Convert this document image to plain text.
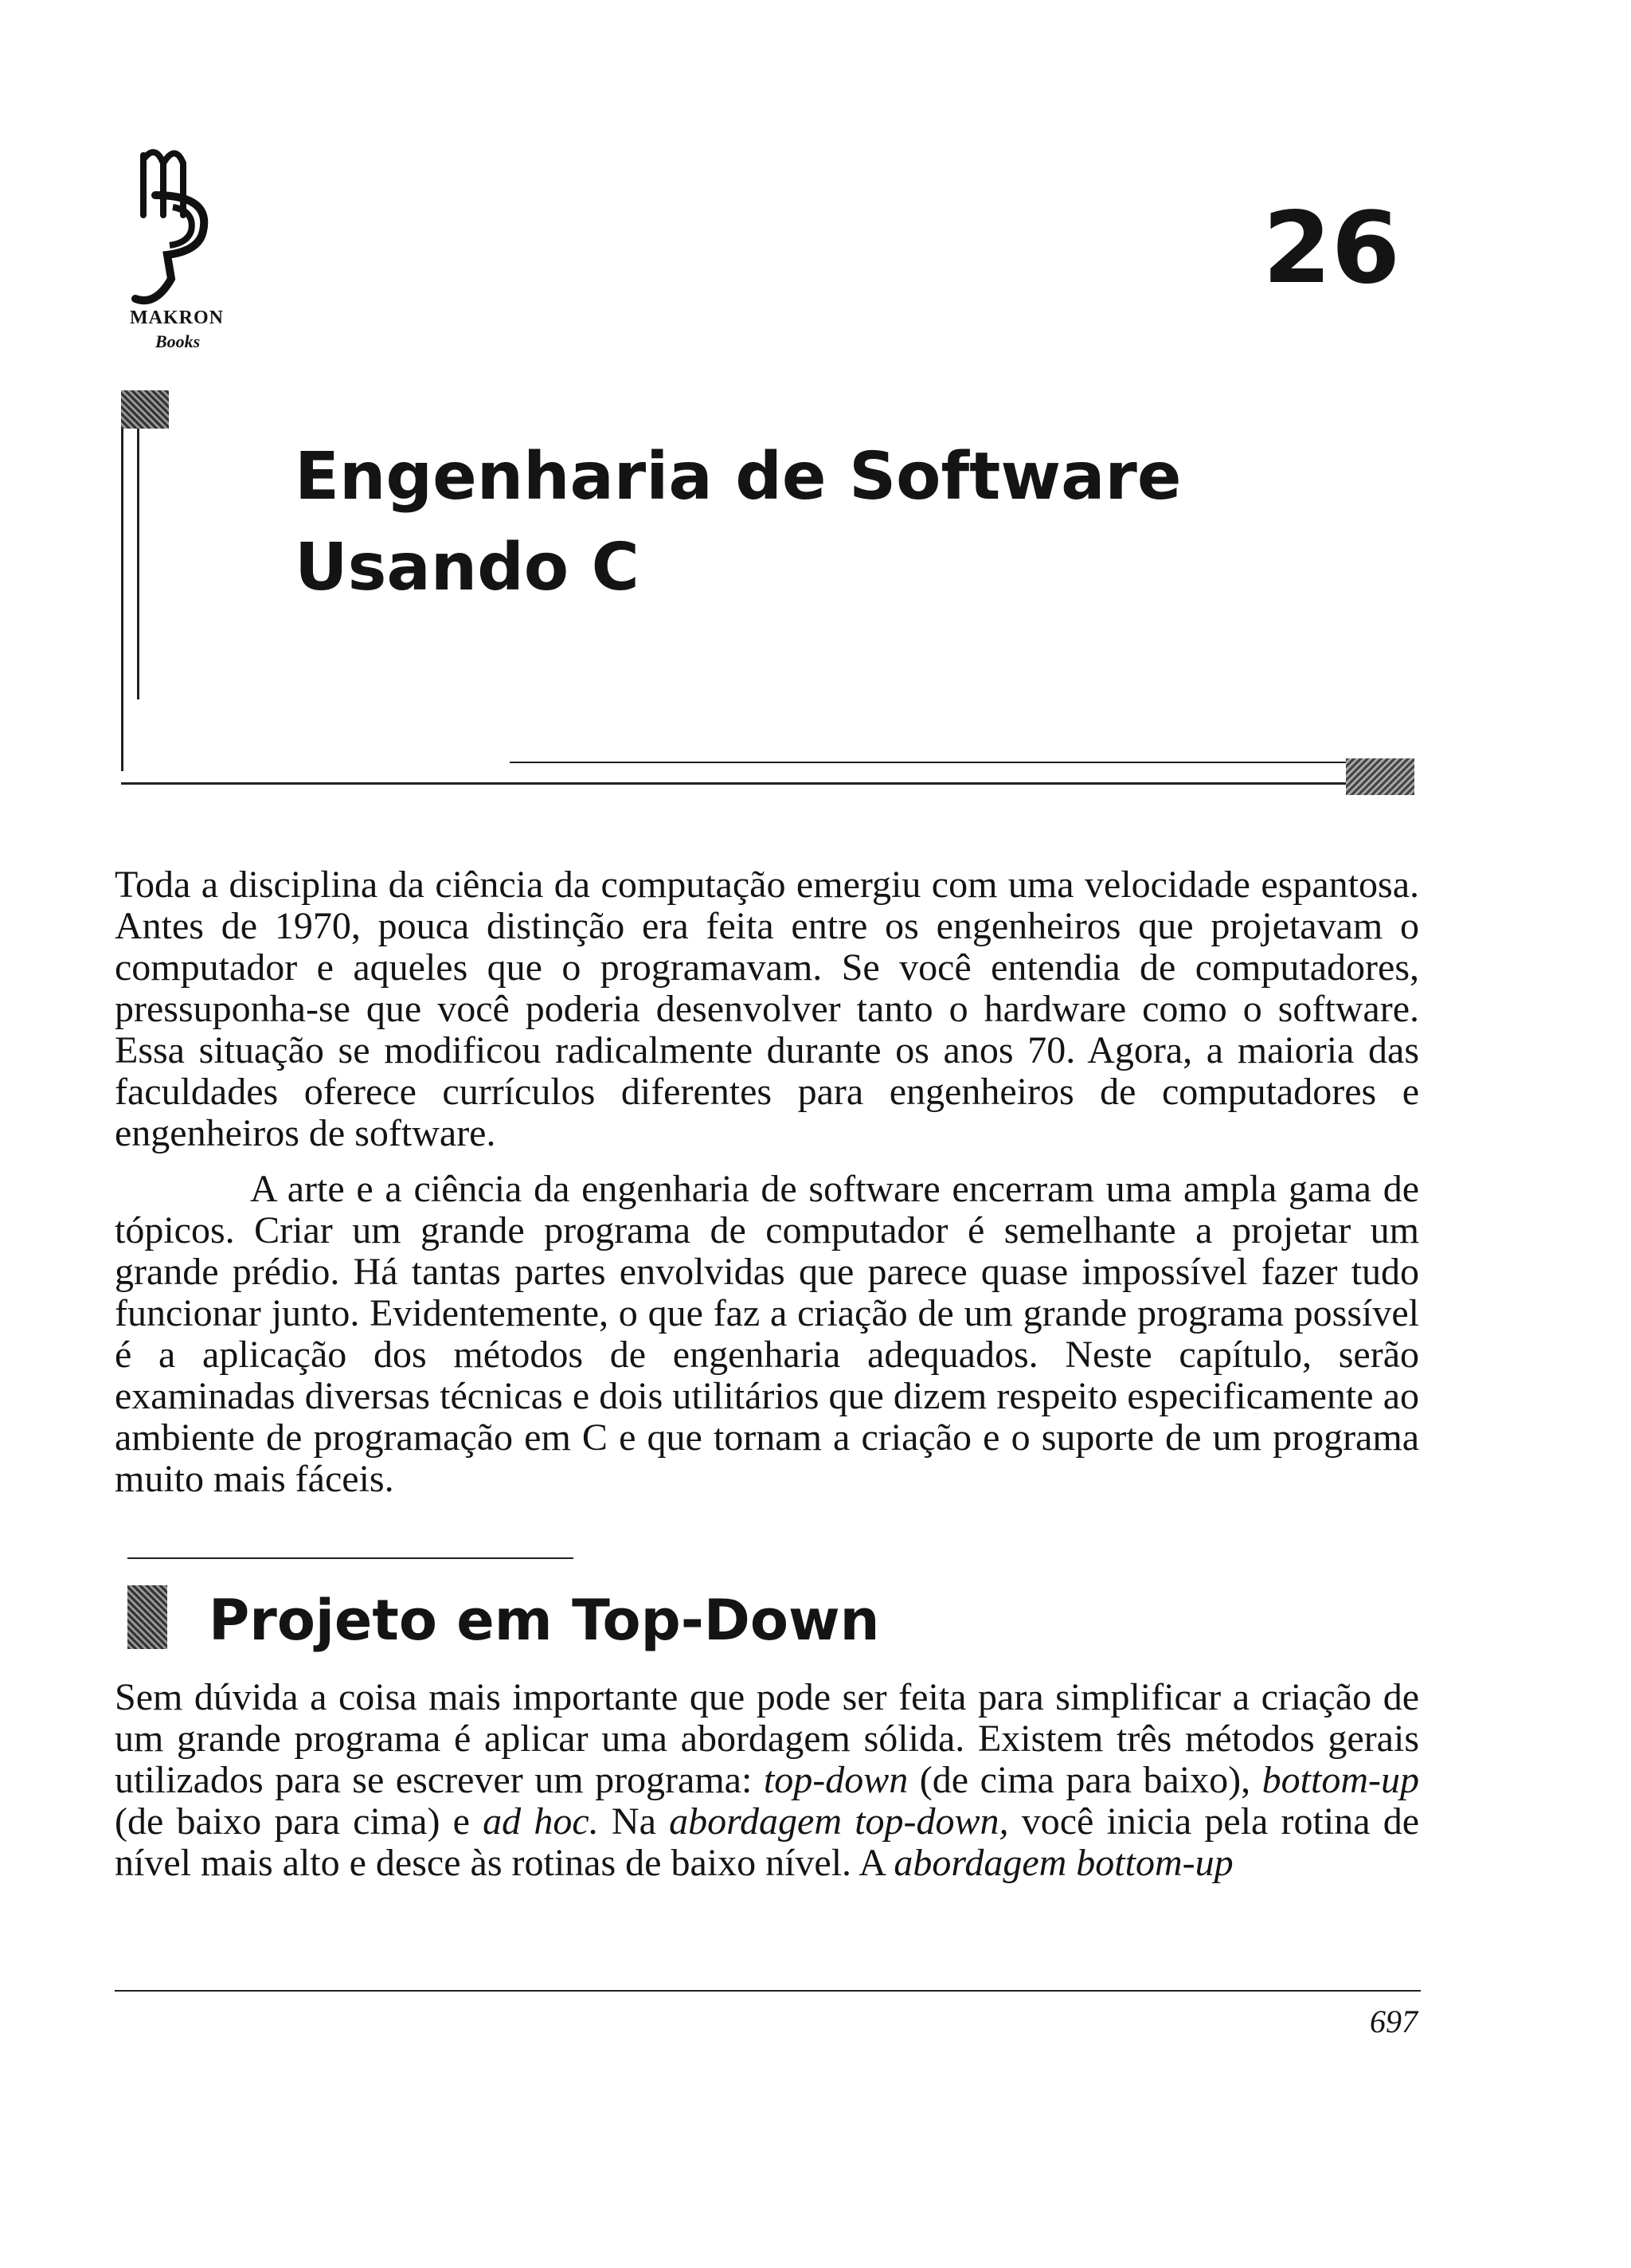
MAKRON
Books
26
Engenharia de Software
Usando C

Toda a disciplina da ciência da computação emergiu com uma velocidade espantosa. Antes de 1970, pouca distinção era feita entre os engenheiros que projetavam o computador e aqueles que o programavam. Se você entendia de computadores, pressuponha-se que você poderia desenvolver tanto o hardware como o software. Essa situação se modificou radicalmente durante os anos 70. Agora, a maioria das faculdades oferece currículos diferentes para engenheiros de computadores e engenheiros de software.

A arte e a ciência da engenharia de software encerram uma ampla gama de tópicos. Criar um grande programa de computador é semelhante a projetar um grande prédio. Há tantas partes envolvidas que parece quase impossível fazer tudo funcionar junto. Evidentemente, o que faz a criação de um grande programa possível é a aplicação dos métodos de engenharia adequados. Neste capítulo, serão examinadas diversas técnicas e dois utilitários que dizem respeito especificamente ao ambiente de programação em C e que tornam a criação e o suporte de um programa muito mais fáceis.

Projeto em Top-Down

Sem dúvida a coisa mais importante que pode ser feita para simplificar a criação de um grande programa é aplicar uma abordagem sólida. Existem três métodos gerais utilizados para se escrever um programa: top-down (de cima para baixo), bottom-up (de baixo para cima) e ad hoc. Na abordagem top-down, você inicia pela rotina de nível mais alto e desce às rotinas de baixo nível. A abordagem bottom-up

697
